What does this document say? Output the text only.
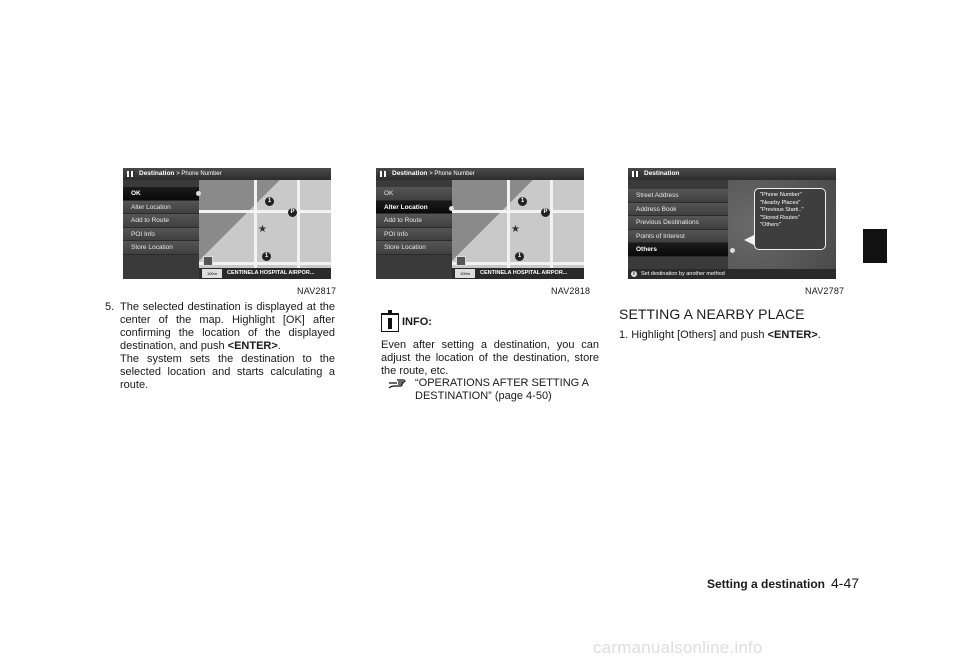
Destination > Phone Number
1
1
P
★
OK
Alter Location
Add to Route
POI Info
Store Location
CENTINELA HOSPITAL AIRPOR...
100m
NAV2817
Destination > Phone Number
1
1
P
★
OK
Alter Location
Add to Route
POI Info
Store Location
CENTINELA HOSPITAL AIRPOR...
100m
NAV2818
Destination
Street Address
Address Book
Previous Destinations
Points of Interest
Others
"Phone Number"
"Nearby Places"
"Previous Starti.."
"Stored Routes"
"Others"
i	Set destination by another method
NAV2787
5. The selected destination is displayed at the center of the map. Highlight [OK] after confirming the location of the displayed destination, and push <ENTER>.
The system sets the destination to the selected location and starts calculating a route.
INFO:
Even after setting a destination, you can adjust the location of the destination, store the route, etc.
“OPERATIONS AFTER SETTING A DESTINATION” (page 4-50)
SETTING A NEARBY PLACE
1. Highlight [Others] and push <ENTER>.
Setting a destination 4-47
carmanualsonline.info
